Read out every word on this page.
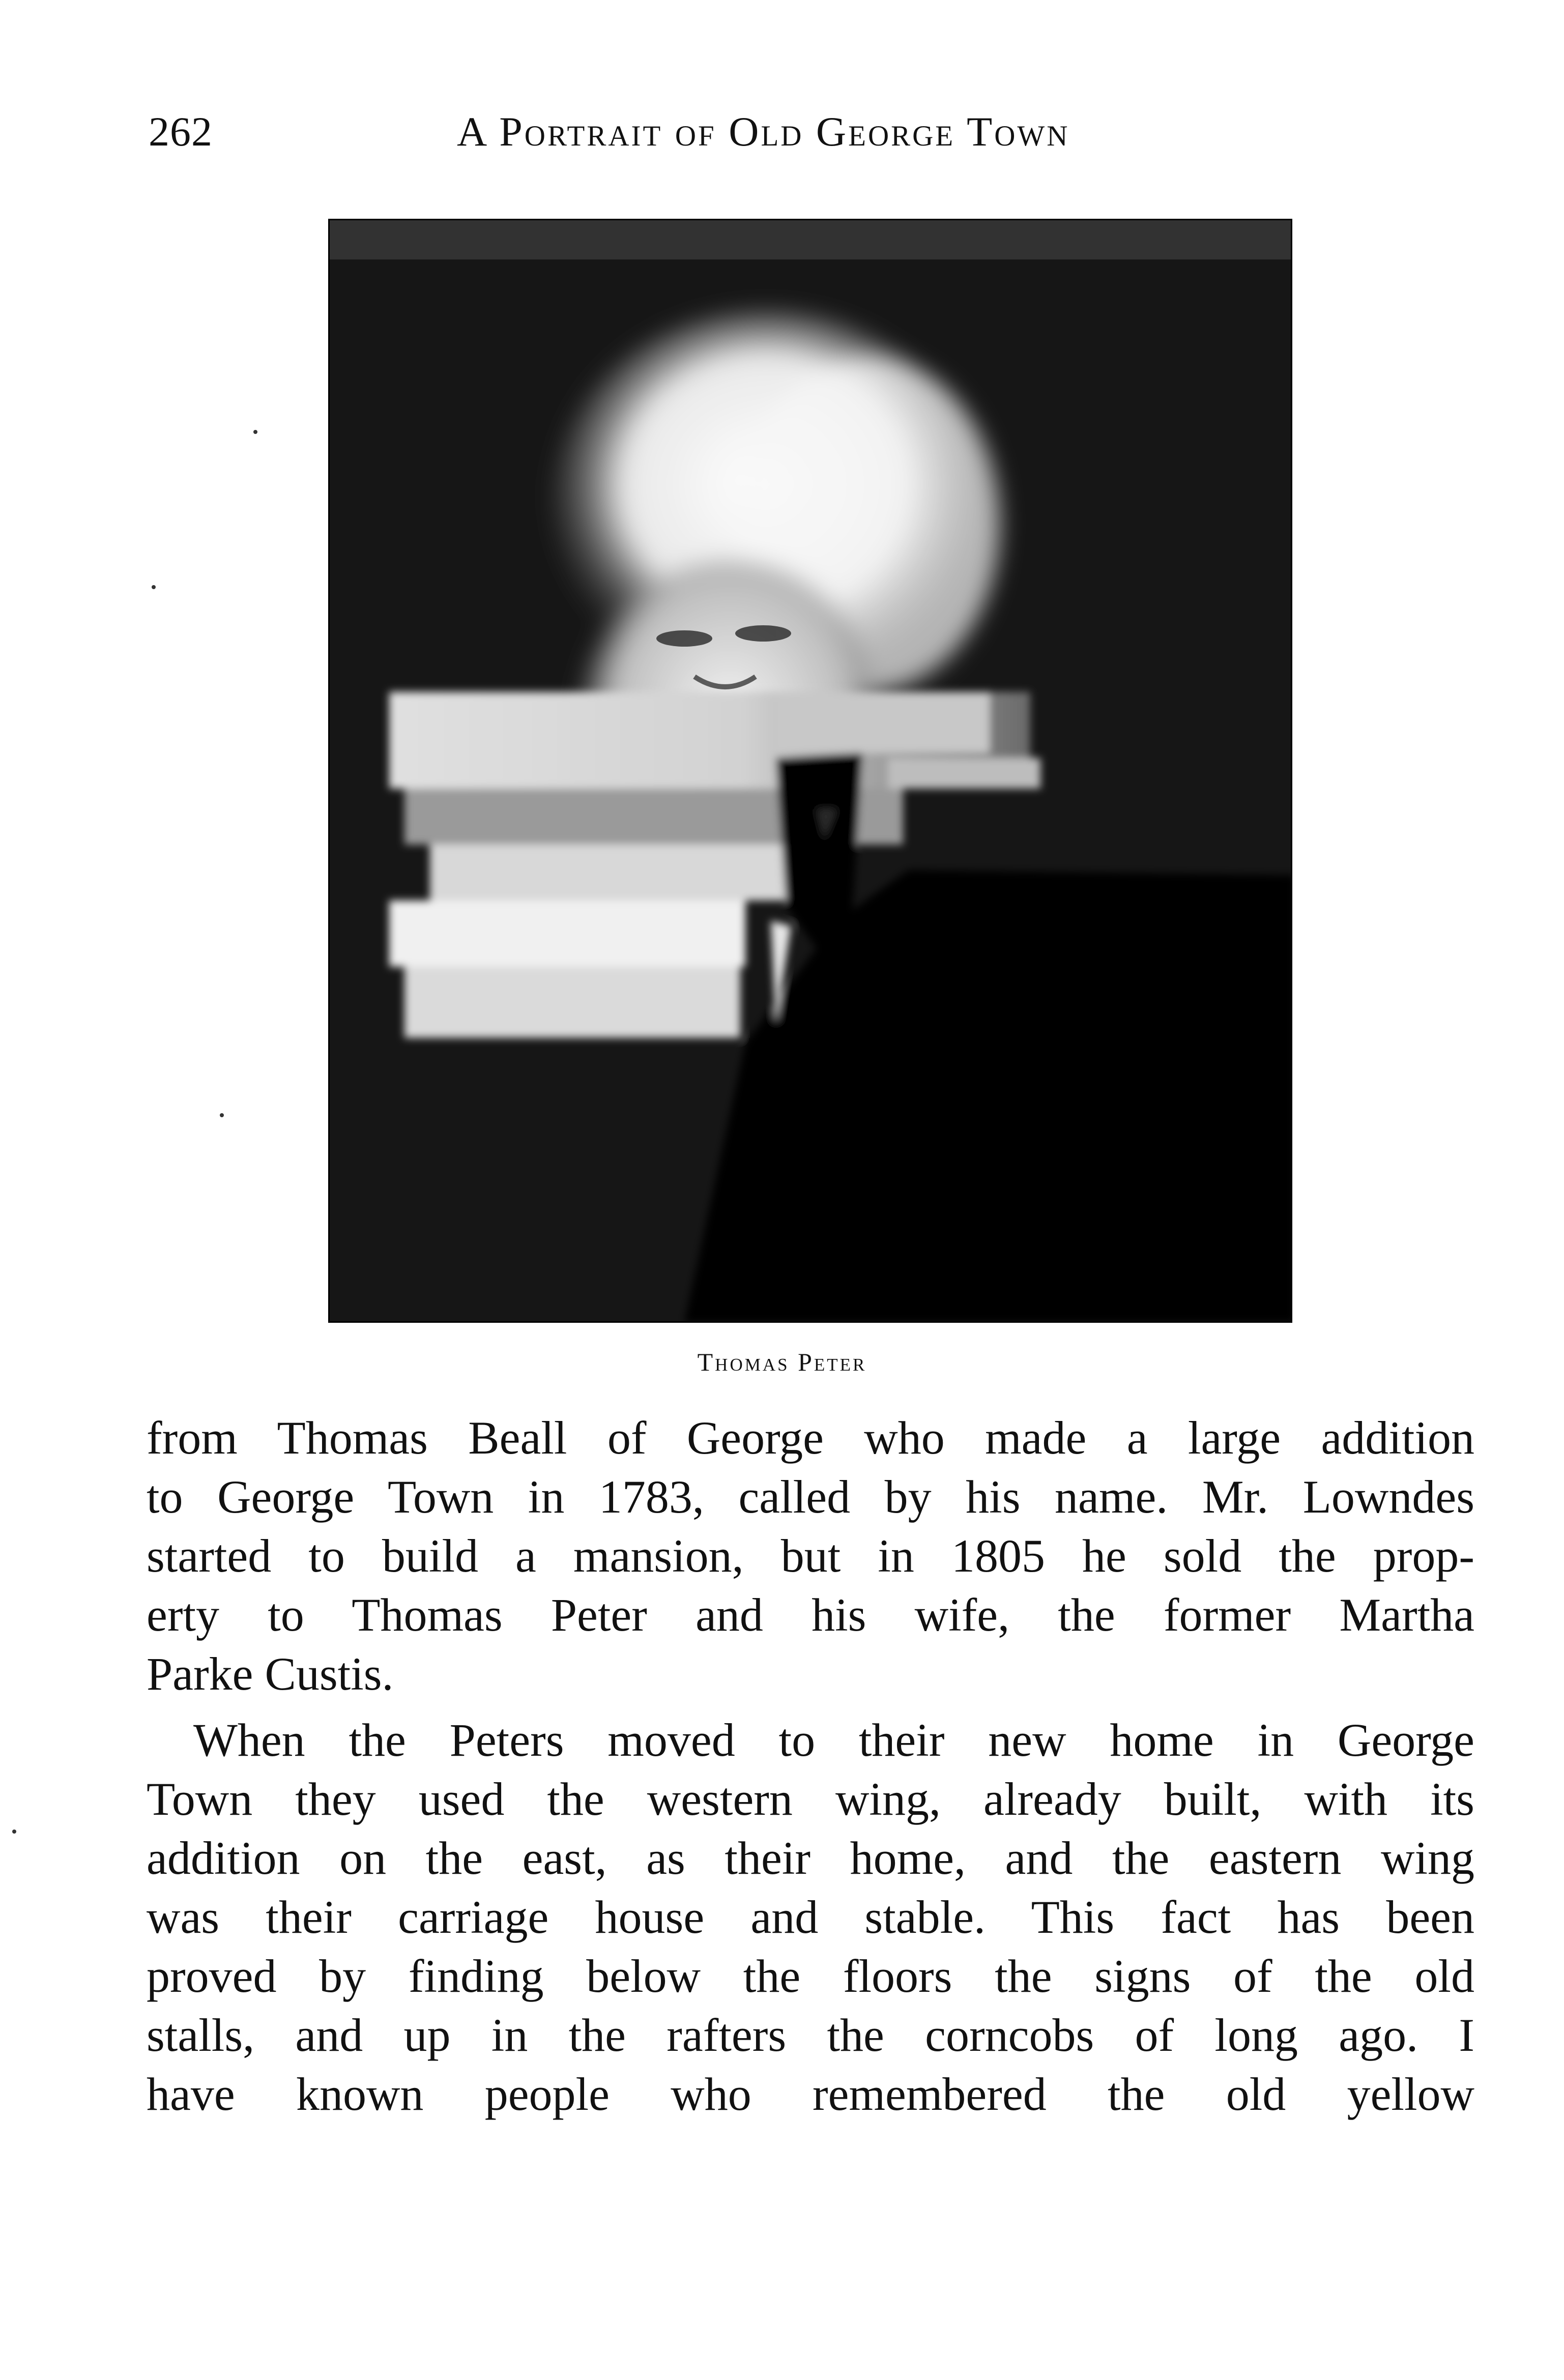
262	A Portrait of Old George Town
Thomas Peter

from Thomas Beall of George who made a large addition
to George Town in 1783, called by his name. Mr. Lowndes
started to build a mansion, but in 1805 he sold the prop-
erty to Thomas Peter and his wife, the former Martha
Parke Custis.

When the Peters moved to their new home in George
Town they used the western wing, already built, with its
addition on the east, as their home, and the eastern wing
was their carriage house and stable. This fact has been
proved by finding below the floors the signs of the old
stalls, and up in the rafters the corncobs of long ago. I
have known people who remembered the old yellow
